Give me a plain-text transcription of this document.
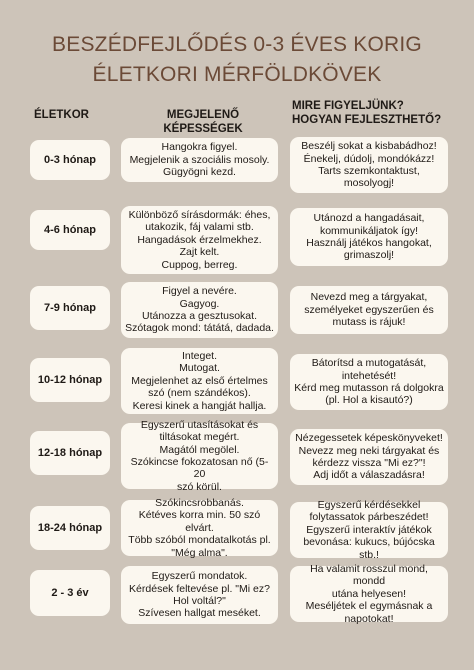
BESZÉDFEJLŐDÉS 0-3 ÉVES KORIG
ÉLETKORI MÉRFÖLDKÖVEK
ÉLETKOR	MEGJELENŐ KÉPESSÉGEK
MIRE FIGYELJÜNK?
HOGYAN FEJLESZTHETŐ?
0-3 hónap
Hangokra figyel.
Megjelenik a szociális mosoly.
Gügyögni kezd.
Beszélj sokat a kisbabádhoz!
Énekelj, dúdolj, mondókázz!
Tarts szemkontaktust,
mosolyogj!
4-6 hónap
Különböző sírásdormák: éhes,
utakozik, fáj valami stb.
Hangadások érzelmekhez.
Zajt kelt.
Cuppog, berreg.
Utánozd a hangadásait,
kommunikáljatok így!
Használj játékos hangokat,
grimaszolj!
7-9 hónap
Figyel a nevére.
Gagyog.
Utánozza a gesztusokat.
Szótagok mond: tátátá, dadada.
Nevezd meg a tárgyakat,
személyeket egyszerűen és
mutass is rájuk!
10-12 hónap
Integet.
Mutogat.
Megjelenhet az első értelmes
szó (nem szándékos).
Keresi kinek a hangját hallja.
Bátorítsd a mutogatását,
intehetését!
Kérd meg mutasson rá dolgokra
(pl. Hol a kisautó?)
12-18 hónap
Egyszerű utasításokat és
tiltásokat megért.
Magától megölel.
Szókincse fokozatosan nő (5-20
szó körül.
Nézegessetek képeskönyveket!
Nevezz meg neki tárgyakat és
kérdezz vissza "Mi ez?"!
Adj időt a válaszadásra!
18-24 hónap
Szókincsrobbanás.
Kétéves korra min. 50 szó elvárt.
Több szóból mondatalkotás pl.
"Még alma".
Egyszerű kérdésekkel
folytassatok párbeszédet!
Egyszerű interaktív játékok
bevonása: kukucs, bújócska stb.!
2 - 3 év
Egyszerű mondatok.
Kérdések feltevése pl. "Mi ez?
Hol voltál?"
Szívesen hallgat meséket.
Ha valamit rosszul mond, mondd
utána helyesen!
Meséljétek el egymásnak a
napotokat!
